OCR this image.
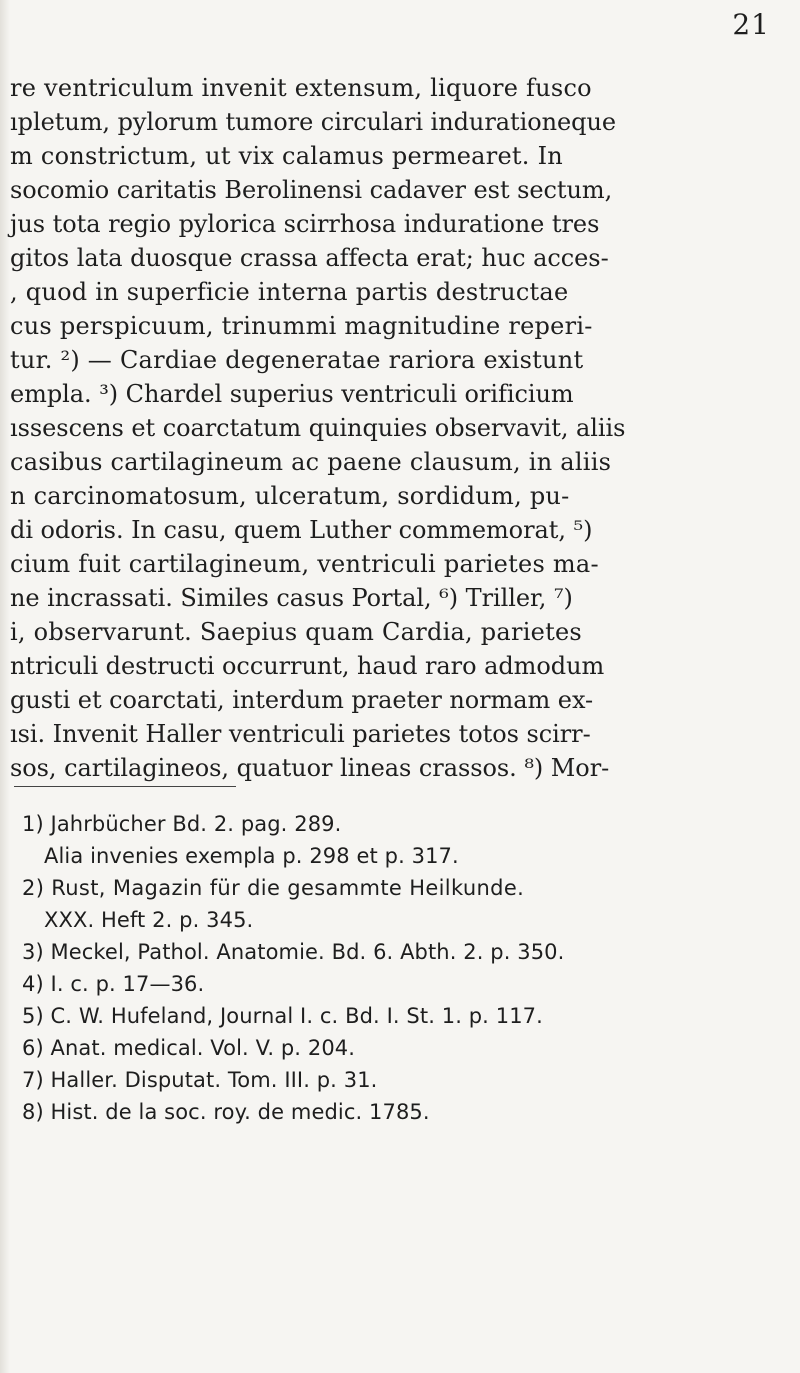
21
re ventriculum invenit extensum, liquore fusco
ıpletum, pylorum tumore circulari indurationeque
m constrictum, ut vix calamus permearet. In
socomio caritatis Berolinensi cadaver est sectum,
jus tota regio pylorica scirrhosa induratione tres
gitos lata duosque crassa affecta erat; huc acces-
, quod in superficie interna partis destructae
cus perspicuum, trinummi magnitudine reperi-
tur. ²) — Cardiae degeneratae rariora existunt
empla. ³) Chardel superius ventriculi orificium
ıssescens et coarctatum quinquies observavit, aliis
casibus cartilagineum ac paene clausum, in aliis
n carcinomatosum, ulceratum, sordidum, pu-
di odoris. In casu, quem Luther commemorat, ⁵)
cium fuit cartilagineum, ventriculi parietes ma-
ne incrassati. Similes casus Portal, ⁶) Triller, ⁷)
i, observarunt. Saepius quam Cardia, parietes
ntriculi destructi occurrunt, haud raro admodum
gusti et coarctati, interdum praeter normam ex-
ısi. Invenit Haller ventriculi parietes totos scirr-
sos, cartilagineos, quatuor lineas crassos. ⁸) Mor-
1) Jahrbücher Bd. 2. pag. 289.
Alia invenies exempla p. 298 et p. 317.
2) Rust, Magazin für die gesammte Heilkunde.
XXX. Heft 2. p. 345.
3) Meckel, Pathol. Anatomie. Bd. 6. Abth. 2. p. 350.
4) I. c. p. 17—36.
5) C. W. Hufeland, Journal I. c. Bd. I. St. 1. p. 117.
6) Anat. medical. Vol. V. p. 204.
7) Haller. Disputat. Tom. III. p. 31.
8) Hist. de la soc. roy. de medic. 1785.
